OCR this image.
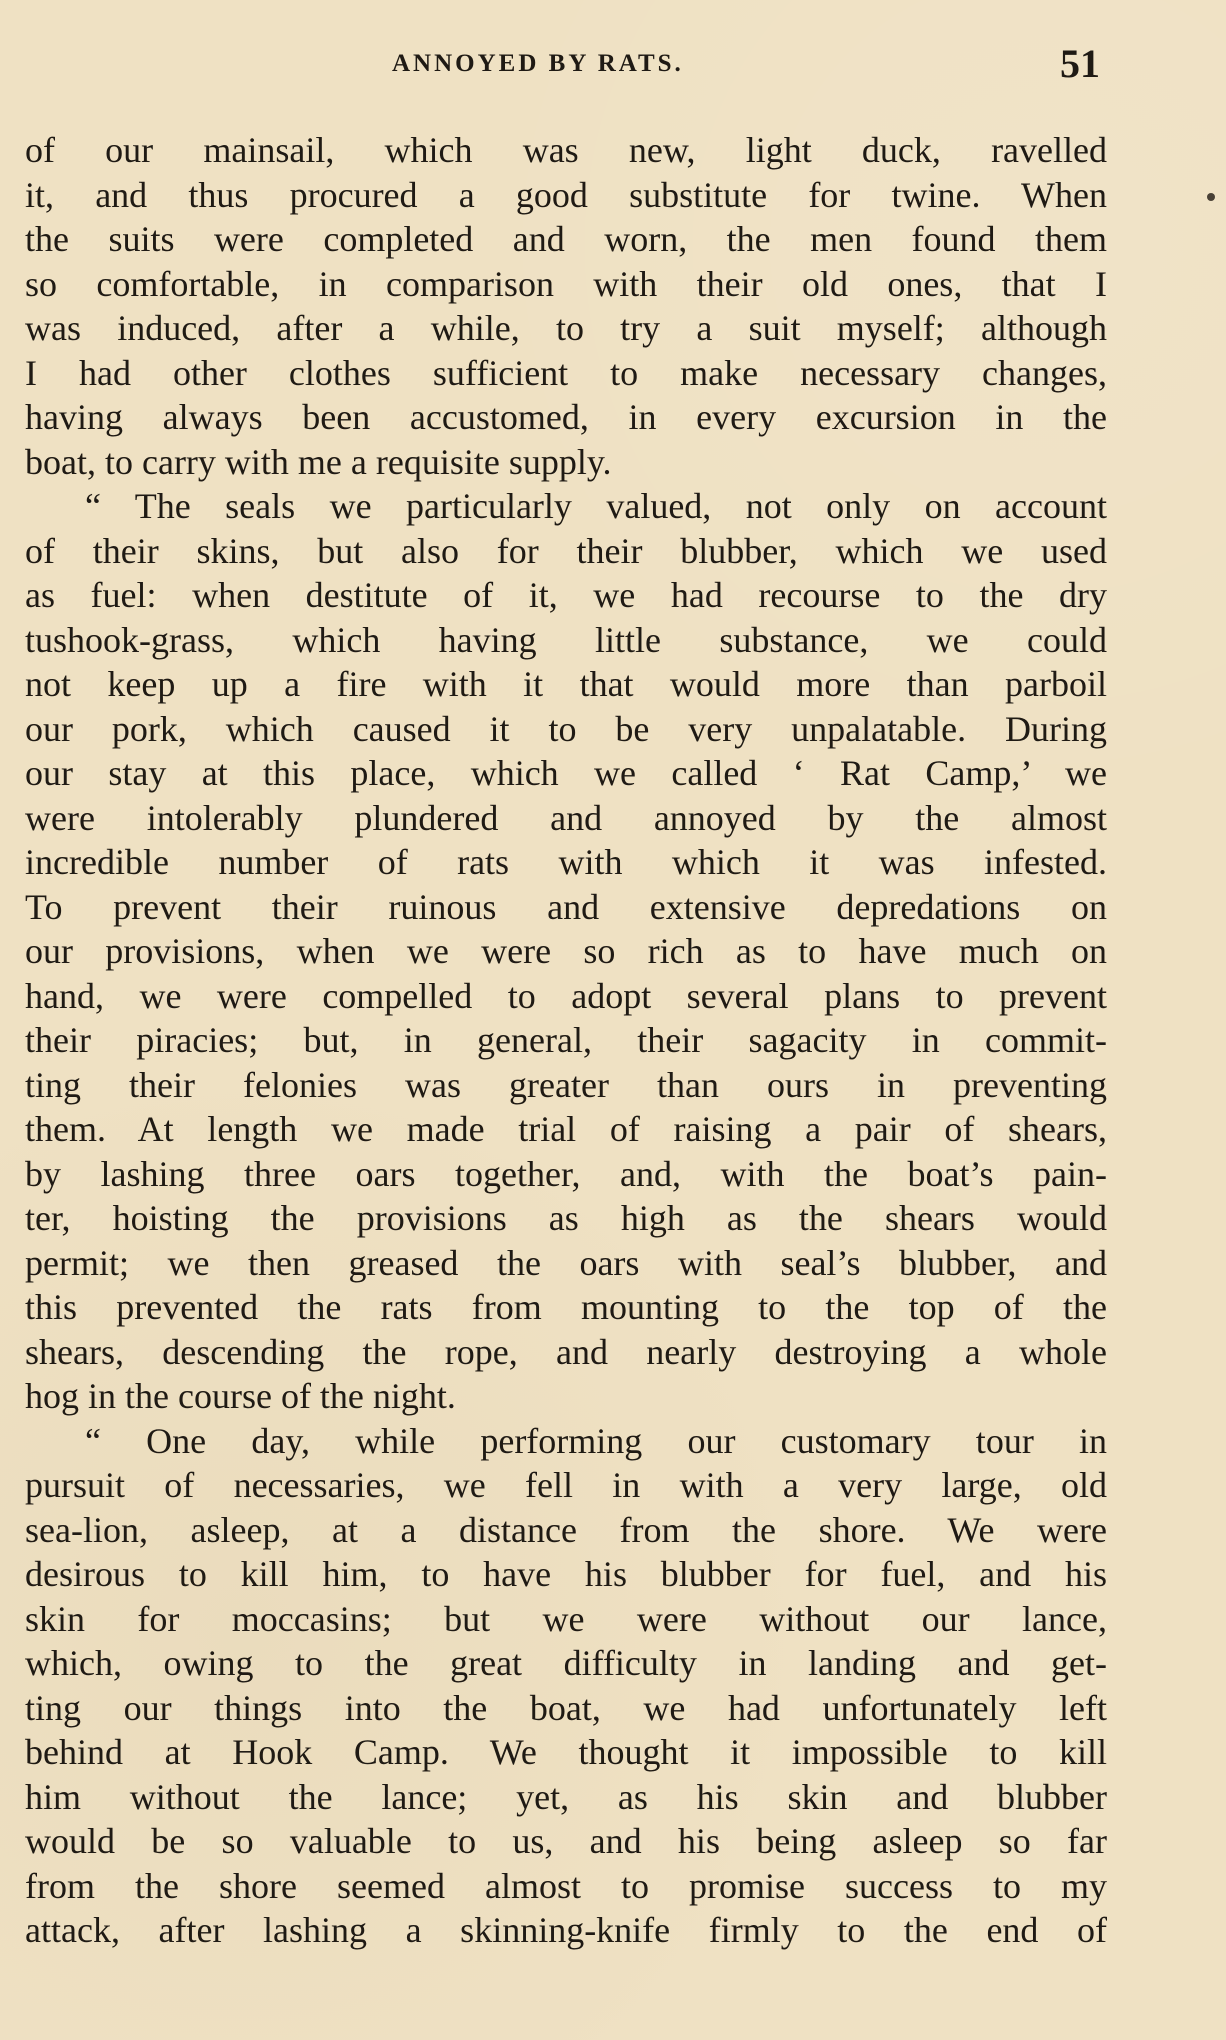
ANNOYED BY RATS.	51
of our mainsail, which was new, light duck, ravelled
it, and thus procured a good substitute for twine. When
the suits were completed and worn, the men found them
so comfortable, in comparison with their old ones, that I
was induced, after a while, to try a suit myself; although
I had other clothes sufficient to make necessary changes,
having always been accustomed, in every excursion in the
boat, to carry with me a requisite supply.
“ The seals we particularly valued, not only on account
of their skins, but also for their blubber, which we used
as fuel: when destitute of it, we had recourse to the dry
tushook-grass, which having little substance, we could
not keep up a fire with it that would more than parboil
our pork, which caused it to be very unpalatable. During
our stay at this place, which we called ‘ Rat Camp,’ we
were intolerably plundered and annoyed by the almost
incredible number of rats with which it was infested.
To prevent their ruinous and extensive depredations on
our provisions, when we were so rich as to have much on
hand, we were compelled to adopt several plans to prevent
their piracies; but, in general, their sagacity in commit-
ting their felonies was greater than ours in preventing
them. At length we made trial of raising a pair of shears,
by lashing three oars together, and, with the boat’s pain-
ter, hoisting the provisions as high as the shears would
permit; we then greased the oars with seal’s blubber, and
this prevented the rats from mounting to the top of the
shears, descending the rope, and nearly destroying a whole
hog in the course of the night.
“ One day, while performing our customary tour in
pursuit of necessaries, we fell in with a very large, old
sea-lion, asleep, at a distance from the shore. We were
desirous to kill him, to have his blubber for fuel, and his
skin for moccasins; but we were without our lance,
which, owing to the great difficulty in landing and get-
ting our things into the boat, we had unfortunately left
behind at Hook Camp. We thought it impossible to kill
him without the lance; yet, as his skin and blubber
would be so valuable to us, and his being asleep so far
from the shore seemed almost to promise success to my
attack, after lashing a skinning-knife firmly to the end of
